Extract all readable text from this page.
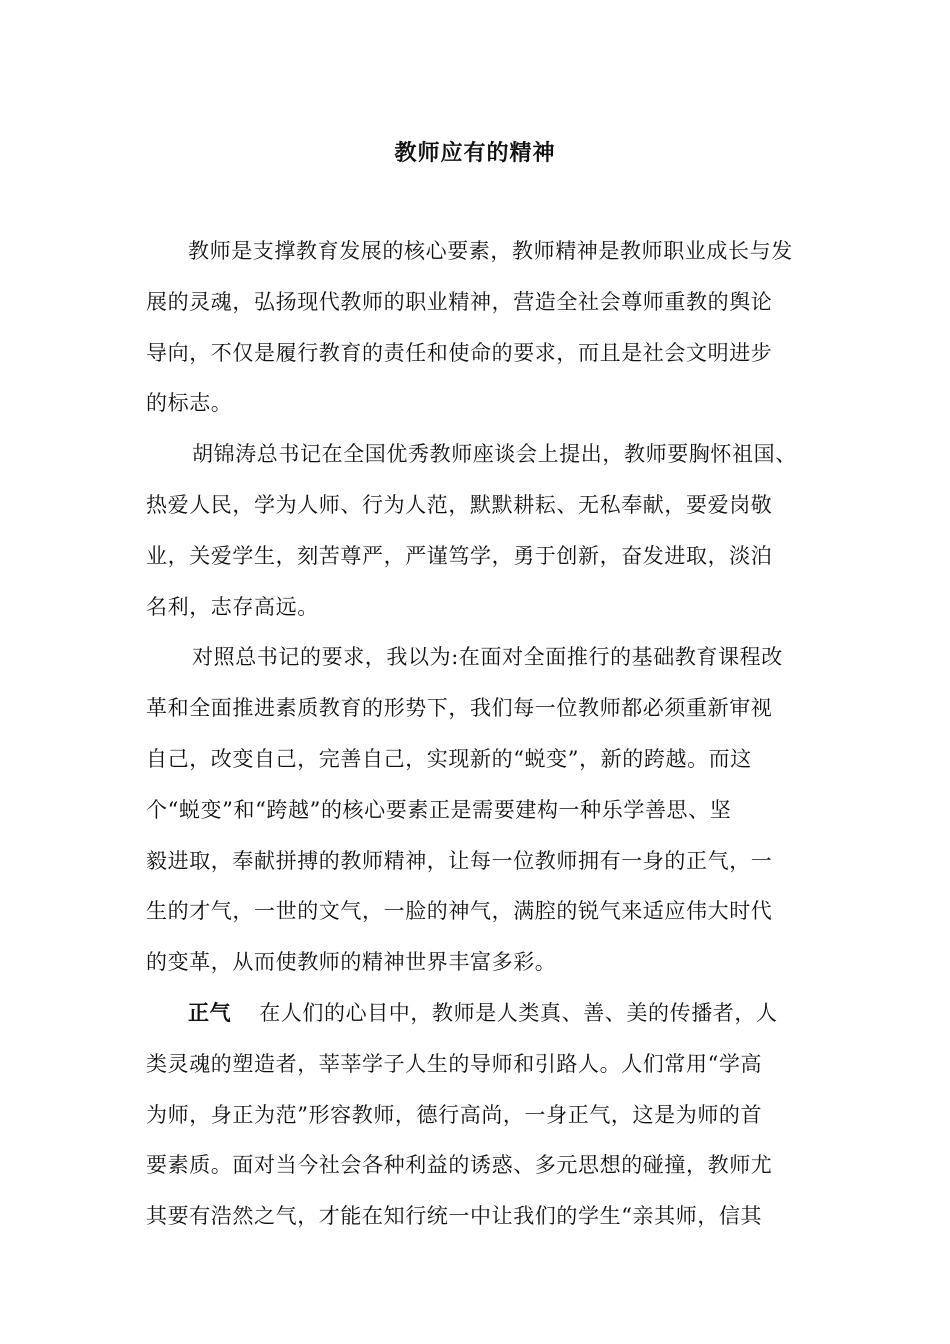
教师应有的精神
教师是支撑教育发展的核心要素，教师精神是教师职业成长与发
展的灵魂，弘扬现代教师的职业精神，营造全社会尊师重教的舆论
导向，不仅是履行教育的责任和使命的要求，而且是社会文明进步
的标志。
胡锦涛总书记在全国优秀教师座谈会上提出，教师要胸怀祖国、
热爱人民，学为人师、行为人范，默默耕耘、无私奉献，要爱岗敬
业，关爱学生，刻苦尊严，严谨笃学，勇于创新，奋发进取，淡泊
名利，志存高远。
对照总书记的要求，我以为:在面对全面推行的基础教育课程改
革和全面推进素质教育的形势下，我们每一位教师都必须重新审视
自己，改变自己，完善自己，实现新的“蜕变”，新的跨越。而这
个“蜕变”和“跨越”的核心要素正是需要建构一种乐学善思、坚
毅进取，奉献拼搏的教师精神，让每一位教师拥有一身的正气，一
生的才气，一世的文气，一脸的神气，满腔的锐气来适应伟大时代
的变革，从而使教师的精神世界丰富多彩。
正气 在人们的心目中，教师是人类真、善、美的传播者，人
类灵魂的塑造者，莘莘学子人生的导师和引路人。人们常用“学高
为师，身正为范”形容教师，德行高尚，一身正气，这是为师的首
要素质。面对当今社会各种利益的诱惑、多元思想的碰撞，教师尤
其要有浩然之气，才能在知行统一中让我们的学生“亲其师，信其
